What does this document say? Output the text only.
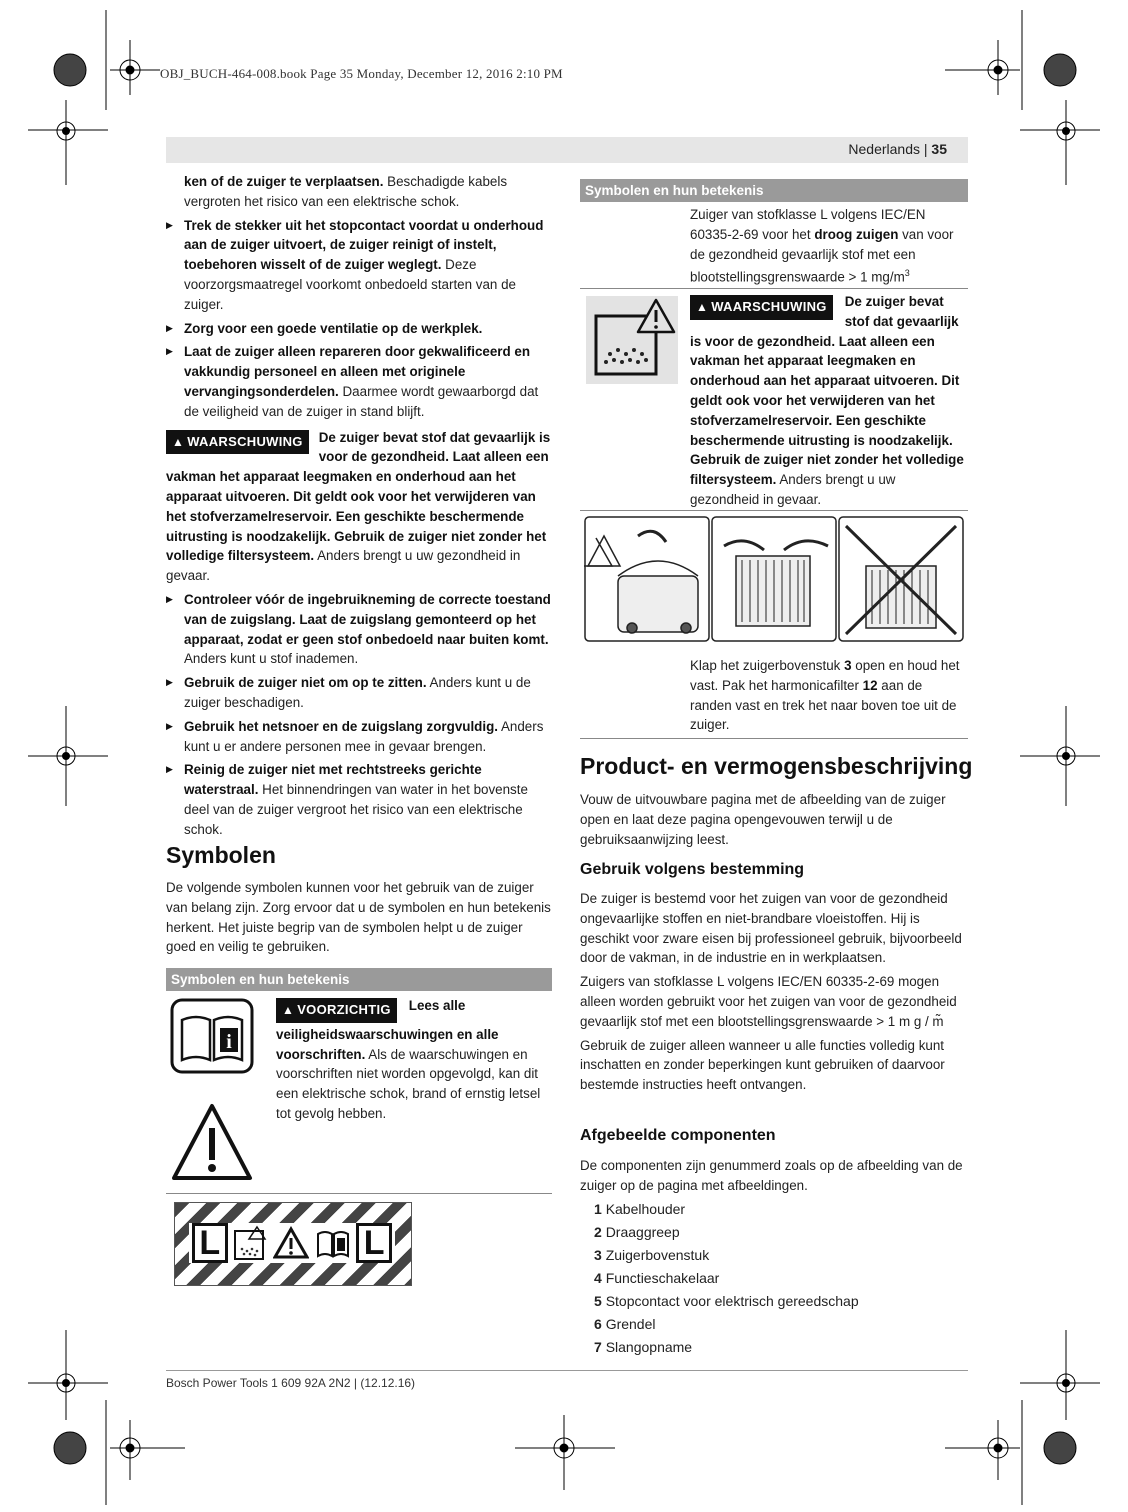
OBJ_BUCH-464-008.book Page 35 Monday, December 12, 2016 2:10 PM
Nederlands | 35

ken of de zuiger te verplaatsen. Beschadigde kabels vergroten het risico van een elektrische schok.

▶ Trek de stekker uit het stopcontact voordat u onderhoud aan de zuiger uitvoert, de zuiger reinigt of instelt, toebehoren wisselt of de zuiger weglegt. Deze voorzorgsmaatregel voorkomt onbedoeld starten van de zuiger.

▶ Zorg voor een goede ventilatie op de werkplek.

▶ Laat de zuiger alleen repareren door gekwalificeerd en vakkundig personeel en alleen met originele vervangingsonderdelen. Daarmee wordt gewaarborgd dat de veiligheid van de zuiger in stand blijft.

▲ WAARSCHUWING	De zuiger bevat stof dat gevaarlijk is voor de gezondheid. Laat alleen een vakman het apparaat leegmaken en onderhoud aan het apparaat uitvoeren. Dit geldt ook voor het verwijderen van het stofverzamelreservoir. Een geschikte beschermende uitrusting is noodzakelijk. Gebruik de zuiger niet zonder het volledige filtersysteem. Anders brengt u uw gezondheid in gevaar.

▶ Controleer vóór de ingebruikneming de correcte toestand van de zuigslang. Laat de zuigslang gemonteerd op het apparaat, zodat er geen stof onbedoeld naar buiten komt. Anders kunt u stof inademen.

▶ Gebruik de zuiger niet om op te zitten. Anders kunt u de zuiger beschadigen.

▶ Gebruik het netsnoer en de zuigslang zorgvuldig. Anders kunt u er andere personen mee in gevaar brengen.

▶ Reinig de zuiger niet met rechtstreeks gerichte waterstraal. Het binnendringen van water in het bovenste deel van de zuiger vergroot het risico van een elektrische schok.

Symbolen
De volgende symbolen kunnen voor het gebruik van de zuiger van belang zijn. Zorg ervoor dat u de symbolen en hun betekenis herkent. Het juiste begrip van de symbolen helpt u de zuiger goed en veilig te gebruiken.
Symbolen en hun betekenis
i
▲ VOORZICHTIG	Lees alle veiligheidswaarschuwingen en alle voorschriften. Als de waarschuwingen en voorschriften niet worden opgevolgd, kan dit een elektrische schok, brand of ernstig letsel tot gevolg hebben.
L	L
Symbolen en hun betekenis
Zuiger van stofklasse L volgens IEC/EN 60335-2-69 voor het droog zuigen van voor de gezondheid gevaarlijk stof met een blootstellingsgrenswaarde > 1 $mg/m^3$
▲ WAARSCHUWING	De zuiger bevat stof dat gevaarlijk is voor de gezondheid. Laat alleen een vakman het apparaat leegmaken en onderhoud aan het apparaat uitvoeren. Dit geldt ook voor het verwijderen van het stofverzamelreservoir. Een geschikte beschermende uitrusting is noodzakelijk. Gebruik de zuiger niet zonder het volledige filtersysteem. Anders brengt u uw gezondheid in gevaar.
Klap het zuigerbovenstuk 3 open en houd het vast. Pak het harmonicafilter 12 aan de randen vast en trek het naar boven toe uit de zuiger.
Product- en vermogensbeschrijving
Vouw de uitvouwbare pagina met de afbeelding van de zuiger open en laat deze pagina opengevouwen terwijl u de gebruiksaanwijzing leest.
Gebruik volgens bestemming

De zuiger is bestemd voor het zuigen van voor de gezondheid ongevaarlijke stoffen en niet-brandbare vloeistoffen. Hij is geschikt voor zware eisen bij professioneel gebruik, bijvoorbeeld door de vakman, in de industrie en in werkplaatsen.

Zuigers van stofklasse L volgens IEC/EN 60335-2-69 mogen alleen worden gebruikt voor het zuigen van voor de gezondheid gevaarlijk stof met een blootstellingsgrenswaarde > 1 m g / m̃

Gebruik de zuiger alleen wanneer u alle functies volledig kunt inschatten en zonder beperkingen kunt gebruiken of daarvoor bestemde instructies heeft ontvangen.

Afgebeelde componenten
De componenten zijn genummerd zoals op de afbeelding van de zuiger op de pagina met afbeeldingen.
1 Kabelhouder
2 Draaggreep
3 Zuigerbovenstuk
4 Functieschakelaar
5 Stopcontact voor elektrisch gereedschap
6 Grendel
7 Slangopname
Bosch Power Tools 1 609 92A 2N2 | (12.12.16)
